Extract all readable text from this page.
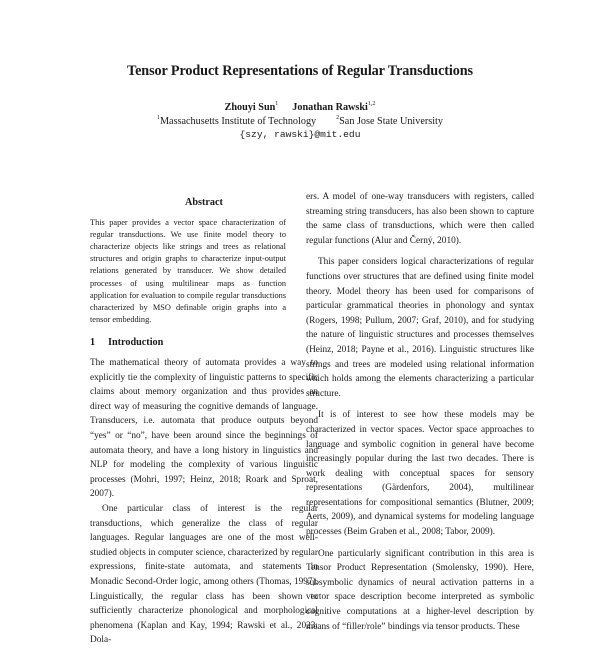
Tensor Product Representations of Regular Transductions
Zhouyi Sun$^1$ Jonathan Rawski$^{1,2}$
$^1$Massachusetts Institute of Technology	$^2$San Jose State University
{szy, rawski}@mit.edu
Abstract

This paper provides a vector space characterization of regular transductions. We use finite model theory to characterize objects like strings and trees as relational structures and origin graphs to characterize input-output relations generated by transducer. We show detailed processes of using multilinear maps as function application for evaluation to compile regular transductions characterized by MSO definable origin graphs into a tensor embedding.

1 Introduction

The mathematical theory of automata provides a way to explicitly tie the complexity of linguistic patterns to specific claims about memory organization and thus provides an direct way of measuring the cognitive demands of language. Transducers, i.e. automata that produce outputs beyond “yes” or “no”, have been around since the beginnings of automata theory, and have a long history in linguistics and NLP for modeling the complexity of various linguistic processes (Mohri, 1997; Heinz, 2018; Roark and Sproat, 2007).

One particular class of interest is the regular transductions, which generalize the class of regular languages. Regular languages are one of the most well-studied objects in computer science, characterized by regular expressions, finite-state automata, and statements in Monadic Second-Order logic, among others (Thomas, 1997). Linguistically, the regular class has been shown to sufficiently characterize phonological and morphological phenomena (Kaplan and Kay, 1994; Rawski et al., 2023; Dola-

ers. A model of one-way transducers with registers, called streaming string transducers, has also been shown to capture the same class of transductions, which were then called regular functions (Alur and Černý, 2010).

This paper considers logical characterizations of regular functions over structures that are defined using finite model theory. Model theory has been used for comparisons of particular grammatical theories in phonology and syntax (Rogers, 1998; Pullum, 2007; Graf, 2010), and for studying the nature of linguistic structures and processes themselves (Heinz, 2018; Payne et al., 2016). Linguistic structures like strings and trees are modeled using relational information which holds among the elements characterizing a particular structure.

It is of interest to see how these models may be characterized in vector spaces. Vector space approaches to language and symbolic cognition in general have become increasingly popular during the last two decades. There is work dealing with conceptual spaces for sensory representations (Gärdenfors, 2004), multilinear representations for compositional semantics (Blutner, 2009; Aerts, 2009), and dynamical systems for modeling language processes (Beim Graben et al., 2008; Tabor, 2009).

One particularly significant contribution in this area is Tensor Product Representation (Smolensky, 1990). Here, subsymbolic dynamics of neural activation patterns in a vector space description become interpreted as symbolic cognitive computations at a higher-level description by means of “filler/role” bindings via tensor products. These
